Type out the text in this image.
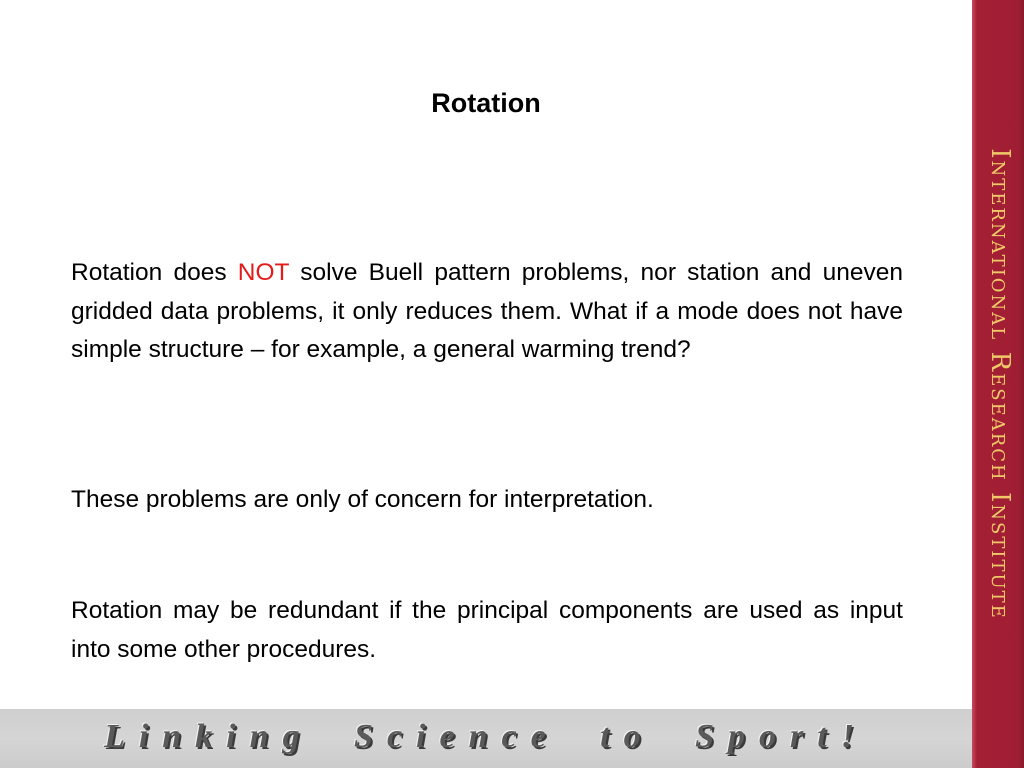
Rotation

Rotation does NOT solve Buell pattern problems, nor station and uneven gridded data problems, it only reduces them. What if a mode does not have simple structure – for example, a general warming trend?

These problems are only of concern for interpretation.

Rotation may be redundant if the principal components are used as input into some other procedures.

International Research Institute
Linking Science to Sport!
